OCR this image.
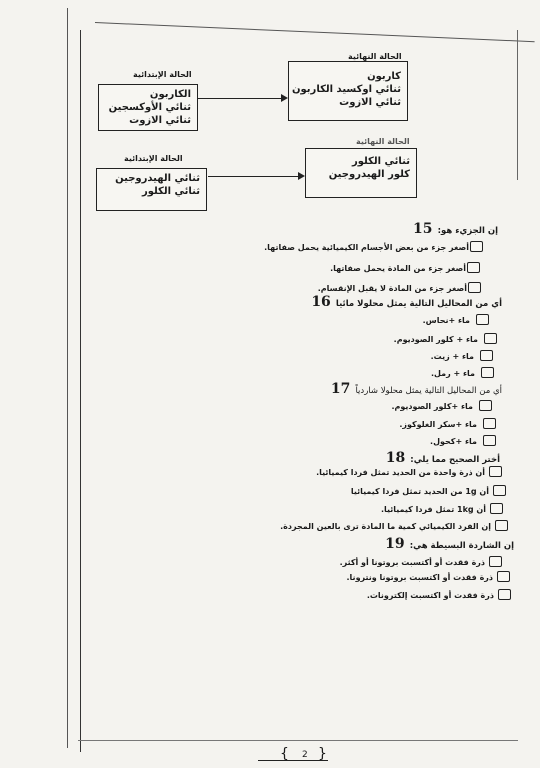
الحالة النهائية
كاربون
ثنائي اوكسيد الكاربون
ثنائي الازوت
الحالة الإبتدائية
الكاربون
ثنائي الأوكسجين
ثنائي الازوت
الحالة النهائية
ثنائي الكلور
كلور الهيدروجين
الحالة الإبتدائية
ثنائي الهيدروجين
ثنائي الكلور
إن الجزيء هو: 15
أصغر جزء من بعض الأجسام الكيميائية يحمل صفاتها.
أصغر جزء من المادة يحمل صفاتها.
أصغر جزء من المادة لا يقبل الإنقسام.
أي من المحاليل التالية يمثل محلولا مائيا 16
ماء +نحاس.
ماء + كلور الصوديوم.
ماء + زيت.
ماء + رمل.
أي من المحاليل التالية يمثل محلولا شاردياً 17
ماء +كلور الصوديوم.
ماء +سكر الغلوكوز.
ماء +كحول.
أختر الصحيح مما يلي: 18
أن ذرة واحدة من الحديد تمثل فردا كيميائيا.
أن 1g من الحديد تمثل فردا كيميائيا
أن 1kg تمثل فردا كيميائيا.
إن الفرد الكيميائي كمية ما المادة ترى بالعين المجردة.
إن الشاردة البسيطة هي: 19
ذرة فقدت أو أكتسبت بروتونا أو أكثر.
ذرة فقدت أو اكتسبت بروتونا ونترونا.
ذرة فقدت أو اكتسبت إلكترونات.
{ 2 }
